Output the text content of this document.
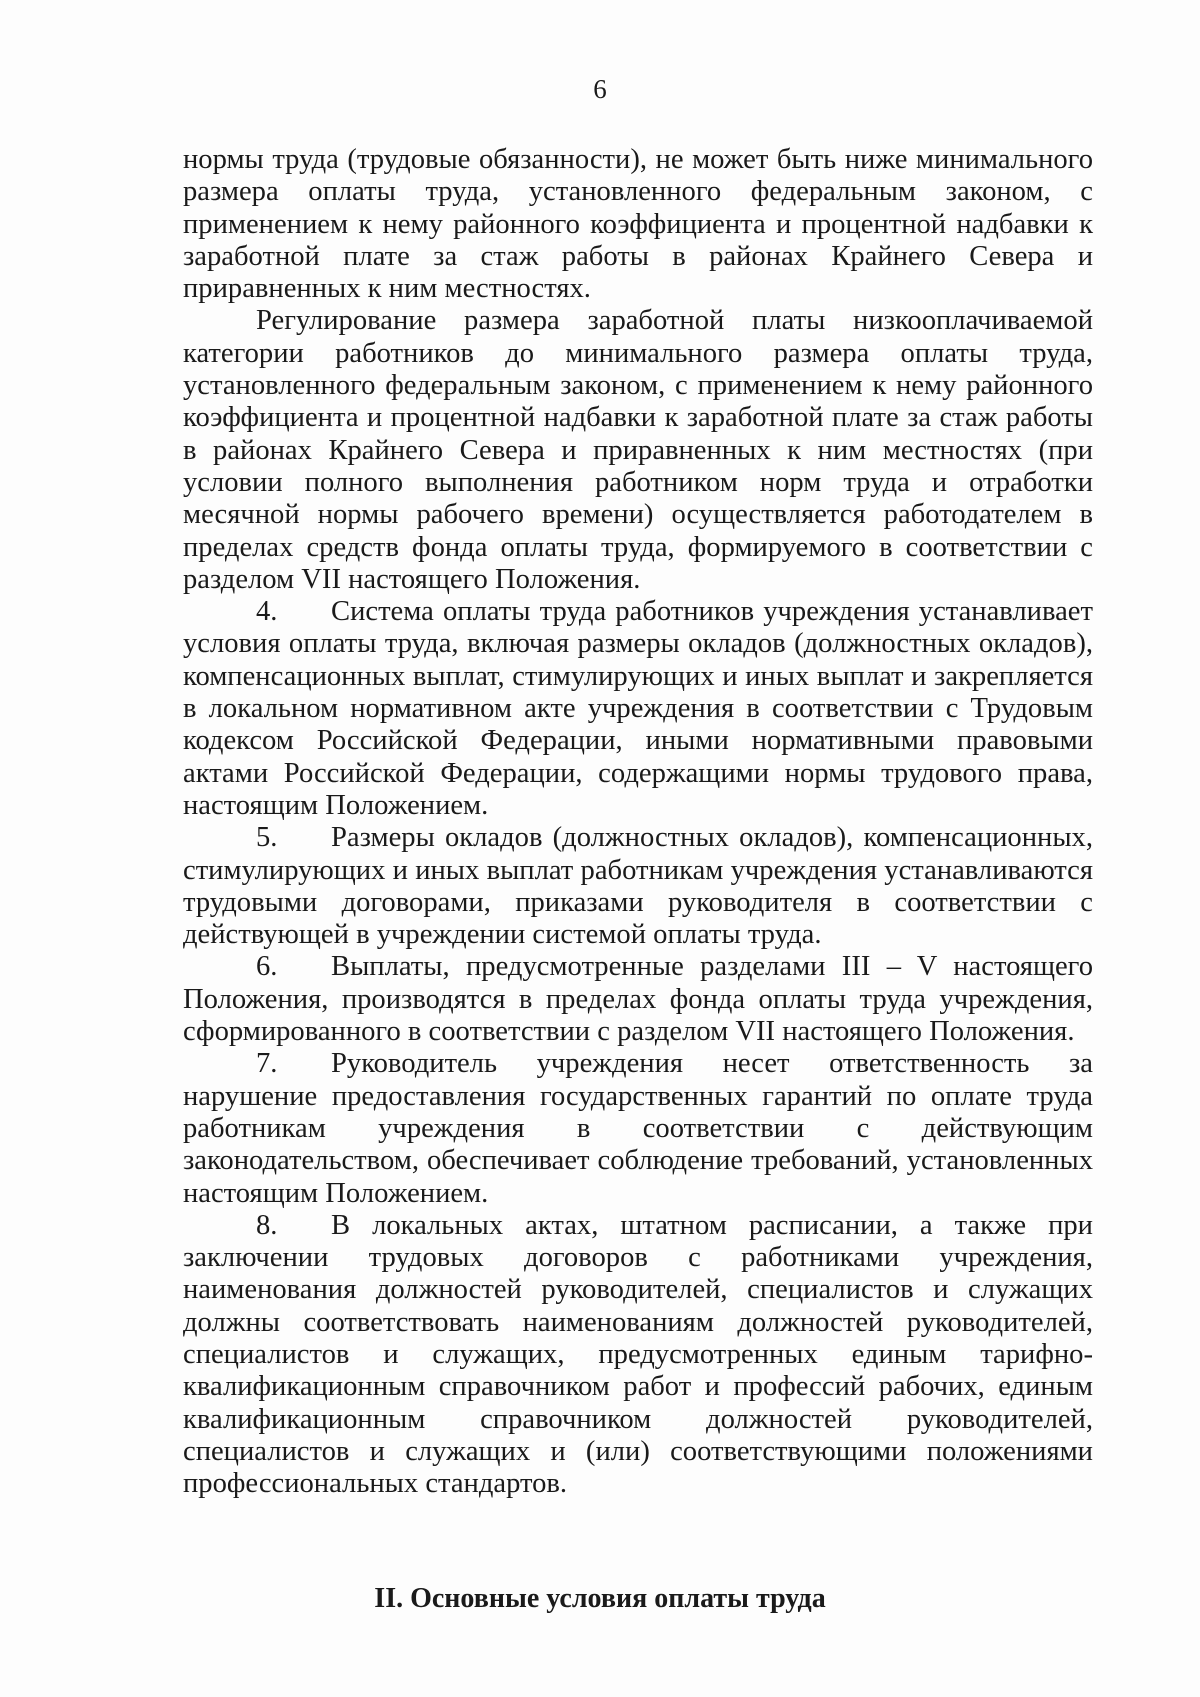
6

нормы труда (трудовые обязанности), не может быть ниже минимального размера оплаты труда, установленного федеральным законом, с применением к нему районного коэффициента и процентной надбавки к заработной плате за стаж работы в районах Крайнего Севера и приравненных к ним местностях.

Регулирование размера заработной платы низкооплачиваемой категории работников до минимального размера оплаты труда, установленного федеральным законом, с применением к нему районного коэффициента и процентной надбавки к заработной плате за стаж работы в районах Крайнего Севера и приравненных к ним местностях (при условии полного выполнения работником норм труда и отработки месячной нормы рабочего времени) осуществляется работодателем в пределах средств фонда оплаты труда, формируемого в соответствии с разделом VII настоящего Положения.

4. Система оплаты труда работников учреждения устанавливает условия оплаты труда, включая размеры окладов (должностных окладов), компенсационных выплат, стимулирующих и иных выплат и закрепляется в локальном нормативном акте учреждения в соответствии с Трудовым кодексом Российской Федерации, иными нормативными правовыми актами Российской Федерации, содержащими нормы трудового права, настоящим Положением.

5. Размеры окладов (должностных окладов), компенсационных, стимулирующих и иных выплат работникам учреждения устанавливаются трудовыми договорами, приказами руководителя в соответствии с действующей в учреждении системой оплаты труда.

6. Выплаты, предусмотренные разделами III – V настоящего Положения, производятся в пределах фонда оплаты труда учреждения, сформированного в соответствии с разделом VII настоящего Положения.

7. Руководитель учреждения несет ответственность за нарушение предоставления государственных гарантий по оплате труда работникам учреждения в соответствии с действующим законодательством, обеспечивает соблюдение требований, установленных настоящим Положением.

8. В локальных актах, штатном расписании, а также при заключении трудовых договоров с работниками учреждения, наименования должностей руководителей, специалистов и служащих должны соответствовать наименованиям должностей руководителей, специалистов и служащих, предусмотренных единым тарифно-квалификационным справочником работ и профессий рабочих, единым квалификационным справочником должностей руководителей, специалистов и служащих и (или) соответствующими положениями профессиональных стандартов.

II. Основные условия оплаты труда
